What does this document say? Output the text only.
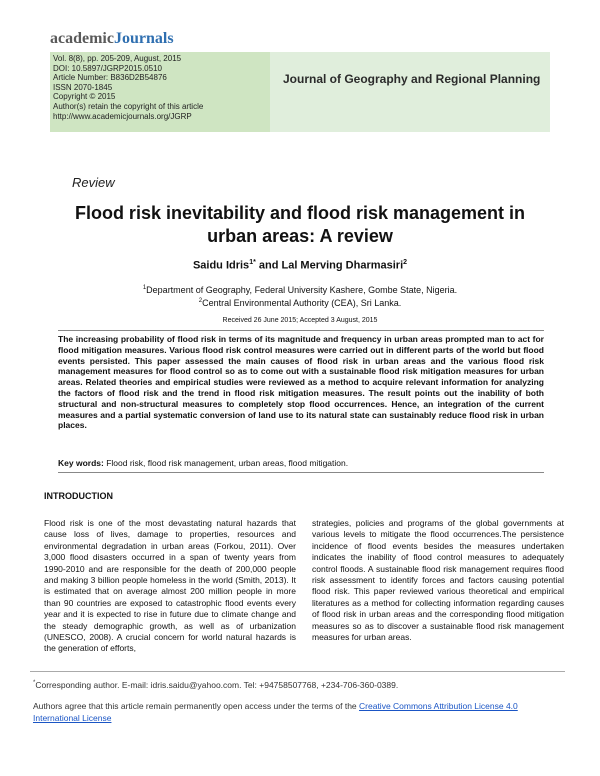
academicJournals
Vol. 8(8), pp. 205-209, August, 2015
DOI: 10.5897/JGRP2015.0510
Article Number: B836D2B54876
ISSN 2070-1845
Copyright © 2015
Author(s) retain the copyright of this article
http://www.academicjournals.org/JGRP
Journal of Geography and Regional Planning
Review
Flood risk inevitability and flood risk management in
urban areas: A review
Saidu Idris$^{1*}$ and Lal Merving Dharmasiri$^2$
$^1$Department of Geography, Federal University Kashere, Gombe State, Nigeria.
$^2$Central Environmental Authority (CEA), Sri Lanka.
Received 26 June 2015; Accepted 3 August, 2015
The increasing probability of flood risk in terms of its magnitude and frequency in urban areas prompted man to act for flood mitigation measures. Various flood risk control measures were carried out in different parts of the world but flood events persisted. This paper assessed the main causes of flood risk in urban areas and the various flood risk management measures for flood control so as to come out with a sustainable flood risk mitigation measures for urban areas. Related theories and empirical studies were reviewed as a method to acquire relevant information for analyzing the factors of flood risk and the trend in flood risk mitigation measures. The result points out the inability of both structural and non-structural measures to completely stop flood occurrences. Hence, an integration of the current measures and a partial systematic conversion of land use to its natural state can sustainably reduce flood risk in urban places.
Key words: Flood risk, flood risk management, urban areas, flood mitigation.
INTRODUCTION
Flood risk is one of the most devastating natural hazards that cause loss of lives, damage to properties, resources and environmental degradation in urban areas (Forkou, 2011). Over 3,000 flood disasters occurred in a span of twenty years from 1990-2010 and are responsible for the death of 200,000 people and making 3 billion people homeless in the world (Smith, 2013). It is estimated that on average almost 200 million people in more than 90 countries are exposed to catastrophic flood events every year and it is expected to rise in future due to climate change and the steady demographic growth, as well as of urbanization (UNESCO, 2008). A crucial concern for world natural hazards is the generation of efforts,
strategies, policies and programs of the global governments at various levels to mitigate the flood occurrences.The persistence incidence of flood events besides the measures undertaken indicates the inability of flood control measures to adequately control floods. A sustainable flood risk management requires flood risk assessment to identify forces and factors causing potential flood risk. This paper reviewed various theoretical and empirical literatures as a method for collecting information regarding causes of flood risk in urban areas and the corresponding flood mitigation measures so as to discover a sustainable flood risk management measures for urban areas.
*Corresponding author. E-mail: idris.saidu@yahoo.com. Tel: +94758507768, +234-706-360-0389.
Authors agree that this article remain permanently open access under the terms of the Creative Commons Attribution License 4.0 International License
